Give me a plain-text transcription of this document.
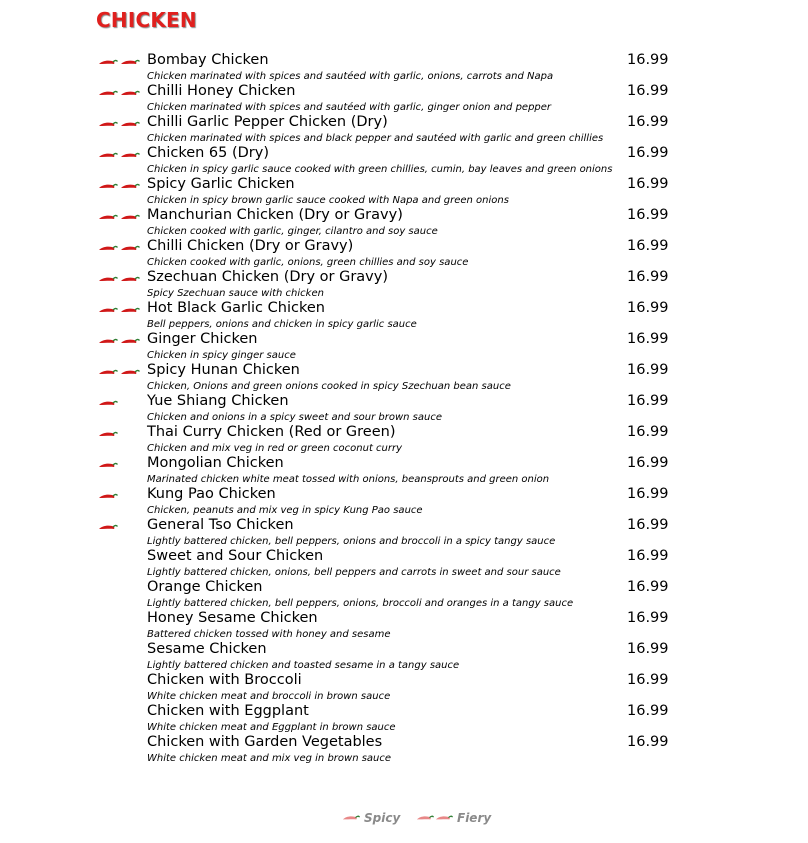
CHICKEN
Bombay Chicken
Chicken marinated with spices and sautéed with garlic, onions, carrots and Napa
16.99
Chilli Honey Chicken
Chicken marinated with spices and sautéed with garlic, ginger onion and pepper
16.99
Chilli Garlic Pepper Chicken (Dry)
Chicken marinated with spices and black pepper and sautéed with garlic and green chillies
16.99
Chicken 65 (Dry)
Chicken in spicy garlic sauce cooked with green chillies, cumin, bay leaves and green onions
16.99
Spicy Garlic Chicken
Chicken in spicy brown garlic sauce cooked with Napa and green onions
16.99
Manchurian Chicken (Dry or Gravy)
Chicken cooked with garlic, ginger, cilantro and soy sauce
16.99
Chilli Chicken (Dry or Gravy)
Chicken cooked with garlic, onions, green chillies and soy sauce
16.99
Szechuan Chicken (Dry or Gravy)
Spicy Szechuan sauce with chicken
16.99
Hot Black Garlic Chicken
Bell peppers, onions and chicken in spicy garlic sauce
16.99
Ginger Chicken
Chicken in spicy ginger sauce
16.99
Spicy Hunan Chicken
Chicken, Onions and green onions cooked in spicy Szechuan bean sauce
16.99
Yue Shiang Chicken
Chicken and onions in a spicy sweet and sour brown sauce
16.99
Thai Curry Chicken (Red or Green)
Chicken and mix veg in red or green coconut curry
16.99
Mongolian Chicken
Marinated chicken white meat tossed with onions, beansprouts and green onion
16.99
Kung Pao Chicken
Chicken, peanuts and mix veg in spicy Kung Pao sauce
16.99
General Tso Chicken
Lightly battered chicken, bell peppers, onions and broccoli in a spicy tangy sauce
16.99
Sweet and Sour Chicken
Lightly battered chicken, onions, bell peppers and carrots in sweet and sour sauce
16.99
Orange Chicken
Lightly battered chicken, bell peppers, onions, broccoli and oranges in a tangy sauce
16.99
Honey Sesame Chicken
Battered chicken tossed with honey and sesame
16.99
Sesame Chicken
Lightly battered chicken and toasted sesame in a tangy sauce
16.99
Chicken with Broccoli
White chicken meat and broccoli in brown sauce
16.99
Chicken with Eggplant
White chicken meat and Eggplant in brown sauce
16.99
Chicken with Garden Vegetables
White chicken meat and mix veg in brown sauce
16.99
Spicy	Fiery
